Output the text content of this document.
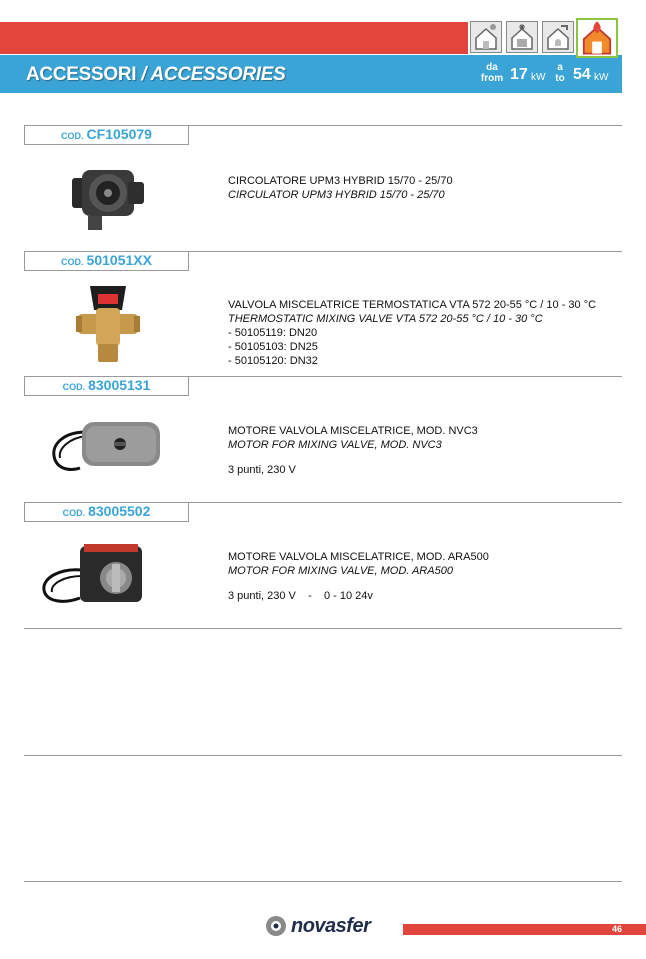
ACCESSORI / ACCESSORIES	da
from 17 kW
a
to 54 kW
COD. CF105079
CIRCOLATORE UPM3 HYBRID 15/70 - 25/70
CIRCULATOR UPM3 HYBRID 15/70 - 25/70
COD. 501051XX
VALVOLA MISCELATRICE TERMOSTATICA VTA 572 20-55 °C / 10 - 30 °C
THERMOSTATIC MIXING VALVE VTA 572 20-55 °C / 10 - 30 °C
- 50105119: DN20
- 50105103: DN25
- 50105120: DN32
COD. 83005131
MOTORE VALVOLA MISCELATRICE, MOD. NVC3
MOTOR FOR MIXING VALVE, MOD. NVC3
3 punti, 230 V
COD. 83005502
MOTORE VALVOLA MISCELATRICE, MOD. ARA500
MOTOR FOR MIXING VALVE, MOD. ARA500
3 punti, 230 V    -    0 - 10 24v
novasfer	46
